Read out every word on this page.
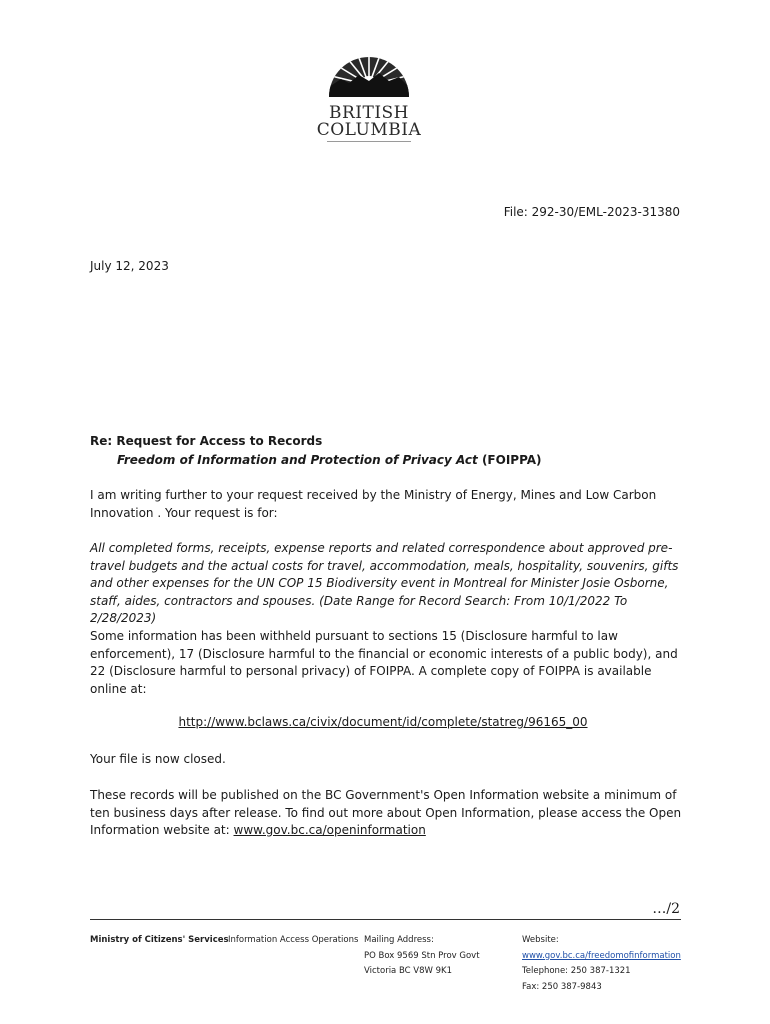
BRITISH
COLUMBIA
File: 292-30/EML-2023-31380
July 12, 2023
Re: Request for Access to Records
Freedom of Information and Protection of Privacy Act (FOIPPA)

I am writing further to your request received by the Ministry of Energy, Mines and Low Carbon Innovation . Your request is for:

All completed forms, receipts, expense reports and related correspondence about approved pre-travel budgets and the actual costs for travel, accommodation, meals, hospitality, souvenirs, gifts and other expenses for the UN COP 15 Biodiversity event in Montreal for Minister Josie Osborne, staff, aides, contractors and spouses. (Date Range for Record Search: From 10/1/2022 To 2/28/2023)

Some information has been withheld pursuant to sections 15 (Disclosure harmful to law enforcement), 17 (Disclosure harmful to the financial or economic interests of a public body), and 22 (Disclosure harmful to personal privacy) of FOIPPA. A complete copy of FOIPPA is available online at:

http://www.bclaws.ca/civix/document/id/complete/statreg/96165_00

Your file is now closed.

These records will be published on the BC Government's Open Information website a minimum of ten business days after release. To find out more about Open Information, please access the Open Information website at: www.gov.bc.ca/openinformation

…/2
Ministry of Citizens' Services Information Access Operations Mailing Address:
PO Box 9569 Stn Prov Govt
Victoria BC V8W 9K1
Website:
www.gov.bc.ca/freedomofinformation
Telephone: 250 387-1321
Fax: 250 387-9843
